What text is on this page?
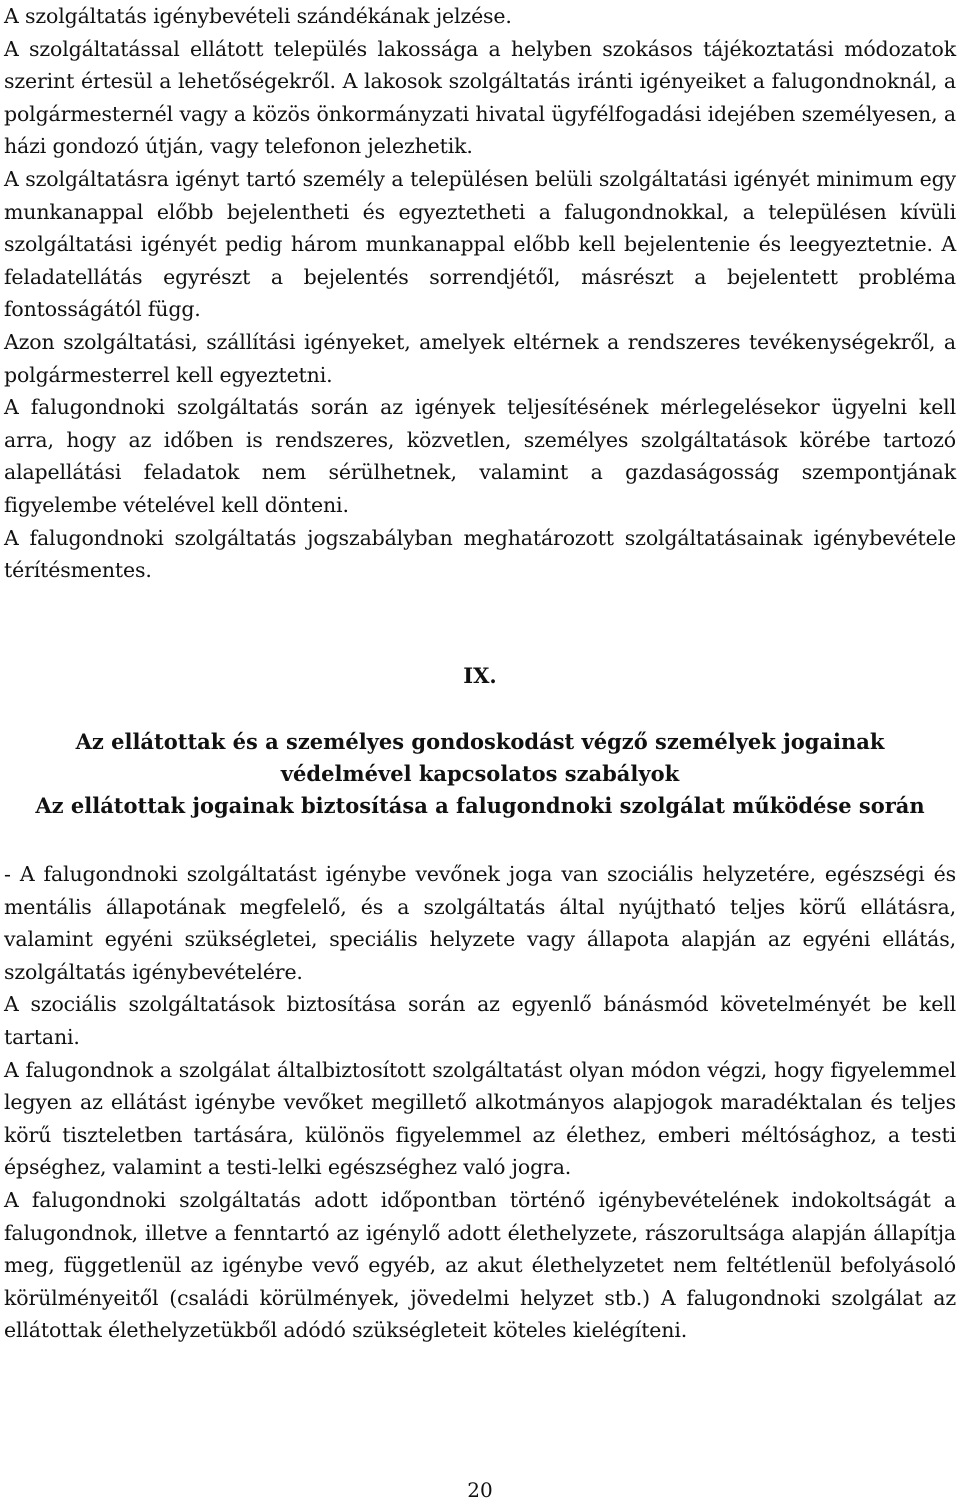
A szolgáltatás igénybevételi szándékának jelzése.

A szolgáltatással ellátott település lakossága a helyben szokásos tájékoztatási módozatok szerint értesül a lehetőségekről. A lakosok szolgáltatás iránti igényeiket a falugondnoknál, a polgármesternél vagy a közös önkormányzati hivatal ügyfélfogadási idejében személyesen, a házi gondozó útján, vagy telefonon jelezhetik.

A szolgáltatásra igényt tartó személy a településen belüli szolgáltatási igényét minimum egy munkanappal előbb bejelentheti és egyeztetheti a falugondnokkal, a településen kívüli szolgáltatási igényét pedig három munkanappal előbb kell bejelentenie és leegyeztetnie. A feladatellátás egyrészt a bejelentés sorrendjétől, másrészt a bejelentett probléma fontosságától függ.

Azon szolgáltatási, szállítási igényeket, amelyek eltérnek a rendszeres tevékenységekről, a polgármesterrel kell egyeztetni.

A falugondnoki szolgáltatás során az igények teljesítésének mérlegelésekor ügyelni kell arra, hogy az időben is rendszeres, közvetlen, személyes szolgáltatások körébe tartozó alapellátási feladatok nem sérülhetnek, valamint a gazdaságosság szempontjának figyelembe vételével kell dönteni.

A falugondnoki szolgáltatás jogszabályban meghatározott szolgáltatásainak igénybevétele térítésmentes.

IX.
Az ellátottak és a személyes gondoskodást végző személyek jogainak
védelmével kapcsolatos szabályok
Az ellátottak jogainak biztosítása a falugondnoki szolgálat működése során

- A falugondnoki szolgáltatást igénybe vevőnek joga van szociális helyzetére, egészségi és mentális állapotának megfelelő, és a szolgáltatás által nyújtható teljes körű ellátásra, valamint egyéni szükségletei, speciális helyzete vagy állapota alapján az egyéni ellátás, szolgáltatás igénybevételére.

A szociális szolgáltatások biztosítása során az egyenlő bánásmód követelményét be kell tartani.

A falugondnok a szolgálat általbiztosított szolgáltatást olyan módon végzi, hogy figyelemmel legyen az ellátást igénybe vevőket megillető alkotmányos alapjogok maradéktalan és teljes körű tiszteletben tartására, különös figyelemmel az élethez, emberi méltósághoz, a testi épséghez, valamint a testi-lelki egészséghez való jogra.

A falugondnoki szolgáltatás adott időpontban történő igénybevételének indokoltságát a falugondnok, illetve a fenntartó az igénylő adott élethelyzete, rászorultsága alapján állapítja meg, függetlenül az igénybe vevő egyéb, az akut élethelyzetet nem feltétlenül befolyásoló körülményeitől (családi körülmények, jövedelmi helyzet stb.) A falugondnoki szolgálat az ellátottak élethelyzetükből adódó szükségleteit köteles kielégíteni.

20
